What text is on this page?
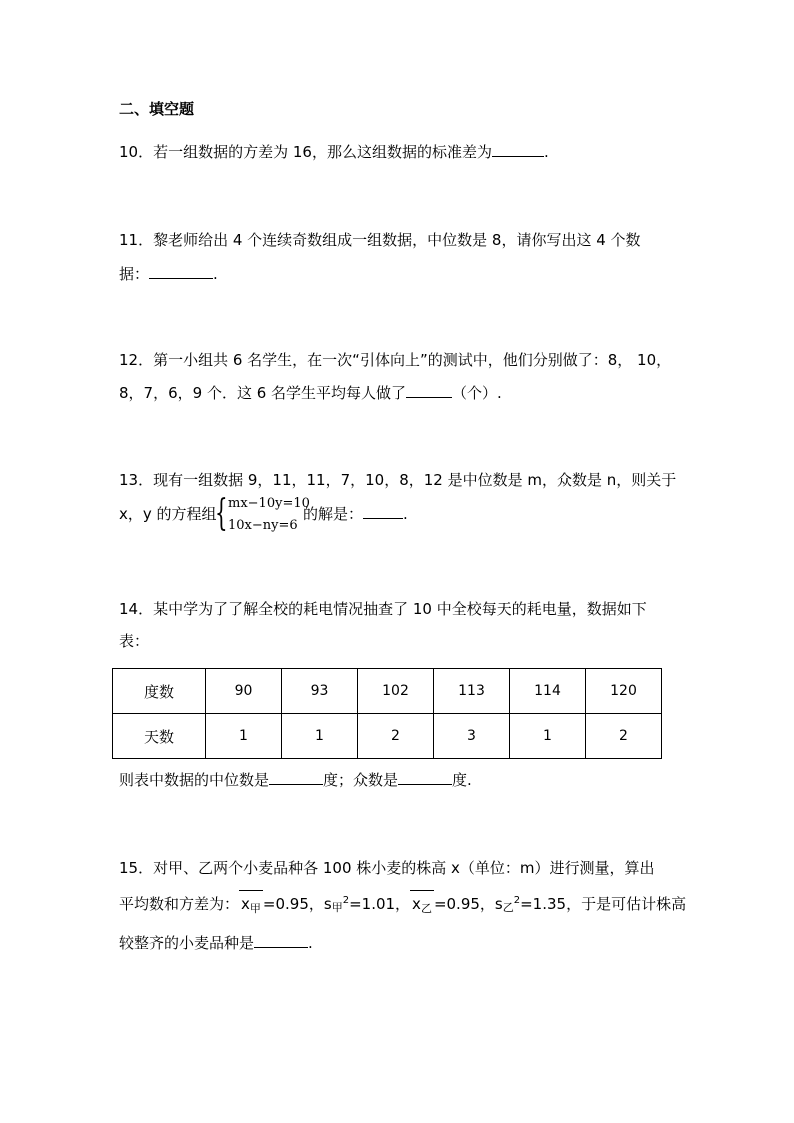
二、填空题
10．若一组数据的方差为 16，那么这组数据的标准差为	.
11．黎老师给出 4 个连续奇数组成一组数据，中位数是 8，请你写出这 4 个数
据：	.
12．第一小组共 6 名学生，在一次“引体向上”的测试中，他们分别做了：8， 10，
8，7，6，9 个．这 6 名学生平均每人做了	（个）.
13．现有一组数据 9，11，11，7，10，8，12 是中位数是 m，众数是 n，则关于
x，y 的方程组
{ mx−10y=10
10x−ny=6
的解是：	.
14．某中学为了了解全校的耗电情况抽查了 10 中全校每天的耗电量，数据如下
表：
度数	90	93	102	113	114	120
天数	1	1	2	3	1	2
则表中数据的中位数是	度；众数是	度.
15．对甲、乙两个小麦品种各 100 株小麦的株高 x（单位：m）进行测量，算出
平均数和方差为： $x_甲 =0.95$，s甲$^2$=1.01， $x_乙 =0.95$，s乙$^2$=1.35，于是可估计株高
较整齐的小麦品种是	.
